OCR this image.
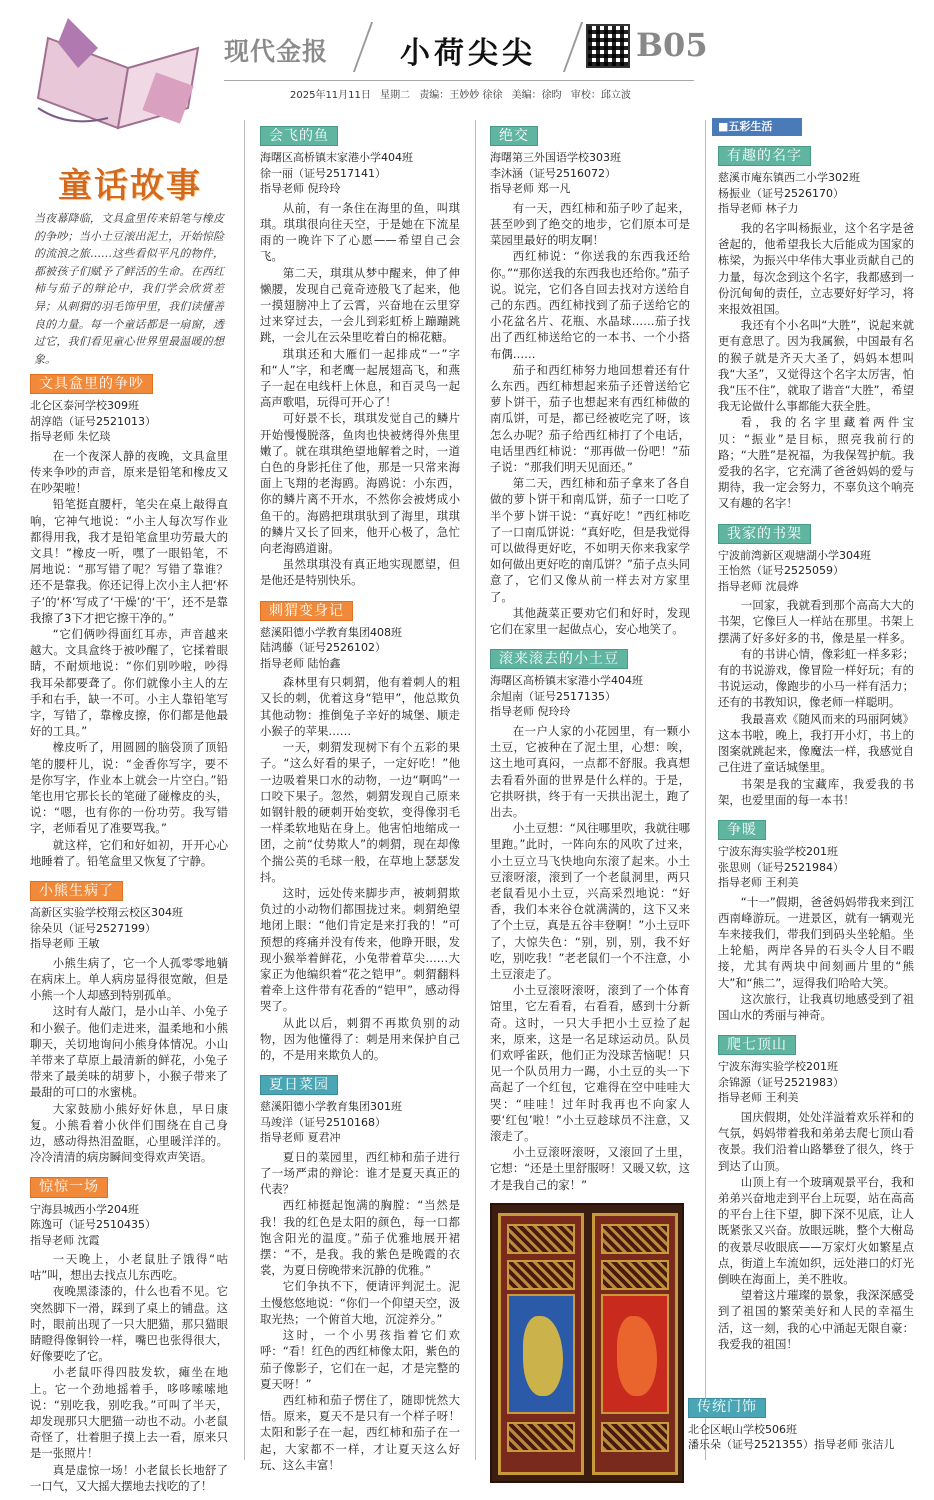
现代金报 小荷尖尖	B05
2025年11月11日 星期二 责编：王妙妙 徐徐 美编：徐昀 审校：邱立波
童话故事
当夜幕降临，文具盒里传来铅笔与橡皮的争吵；当小土豆滚出泥土，开始惊险的流浪之旅……这些看似平凡的物件，都被孩子们赋予了鲜活的生命。在西红柿与茄子的辩论中，我们学会欣赏差异；从刺猬的羽毛饰甲里，我们读懂善良的力量。每一个童话都是一扇窗，透过它，我们看见童心世界里最温暖的想象。
文具盒里的争吵
北仑区泰河学校309班
胡淳皓（证号2521013）
指导老师 朱忆琰

在一个夜深人静的夜晚，文具盒里传来争吵的声音，原来是铅笔和橡皮又在吵架啦！

铅笔挺直腰杆，笔尖在桌上敲得直响，它神气地说：“小主人每次写作业都得用我，我才是铅笔盒里功劳最大的文具！”橡皮一听，嘿了一眼铅笔，不屑地说：“那写错了呢？写错了靠谁？还不是靠我。你还记得上次小主人把‘杯子’的‘杯’写成了‘干燥’的‘干’，还不是靠我擦了3下才把它擦干净的。”

“它们俩吵得面红耳赤，声音越来越大。文具盒终于被吵醒了，它揉着眼睛，不耐烦地说：“你们别吵啦，吵得我耳朵都要聋了。你们就像小主人的左手和右手，缺一不可。小主人靠铅笔写字，写错了，靠橡皮擦，你们都是他最好的工具。”

橡皮听了，用圆圆的脑袋顶了顶铅笔的腰杆儿，说：“金香你写字，要不是你写字，作业本上就会一片空白。”铅笔也用它那长长的笔碰了碰橡皮的头，说：“嗯，也有你的一份功劳。我写错字，老师看见了准要骂我。”

就这样，它们和好如初，开开心心地睡着了。铅笔盒里又恢复了宁静。

小熊生病了
高新区实验学校翔云校区304班
徐朵贝（证号2527199）
指导老师 王敏

小熊生病了，它一个人孤零零地躺在病床上。单人病房显得很宽敞，但是小熊一个人却感到特别孤单。

这时有人敲门，是小山羊、小兔子和小猴子。他们走进来，温柔地和小熊聊天，关切地询问小熊身体情况。小山羊带来了草原上最清新的鲜花，小兔子带来了最美味的胡萝卜，小猴子带来了最甜的可口的水蜜桃。

大家鼓励小熊好好休息，早日康复。小熊看着小伙伴们围绕在自己身边，感动得热泪盈眶，心里暖洋洋的。冷冷清清的病房瞬间变得欢声笑语。

惊惊一场
宁海县城西小学204班
陈逸可（证号2510435）
指导老师 沈霞

一天晚上，小老鼠肚子饿得“咕咕”叫，想出去找点儿东西吃。

夜晚黑漆漆的，什么也看不见。它突然脚下一滑，踩到了桌上的铺盘。这时，眼前出现了一只大肥猫，那只猫眼睛瞪得像铜铃一样，嘴巴也张得很大，好像要吃了它。

小老鼠吓得四肢发软，瘫坐在地上。它一个劲地摇着手，哆哆嗦嗦地说：“别吃我，别吃我。”可叫了半天，却发现那只大肥猫一动也不动。小老鼠奇怪了，壮着胆子摸上去一看，原来只是一张照片！

真是虚惊一场！小老鼠长长地舒了一口气，又大摇大摆地去找吃的了！

会飞的鱼
海曙区高桥镇末家港小学404班
徐一丽（证号2517141）
指导老师 倪玲玲

从前，有一条住在海里的鱼，叫琪琪。琪琪很向往天空，于是她在下流星雨的一晚许下了心愿——希望自己会飞。

第二天，琪琪从梦中醒来，伸了伸懒腰，发现自己竟奇迹般飞了起来，他一摸翅膀冲上了云霄，兴奋地在云里穿过来穿过去，一会儿到彩虹桥上蹦蹦跳跳，一会儿在云朵里吃着白的棉花糖。

琪琪还和大雁们一起排成“一”字和“人”字，和老鹰一起展翅高飞，和燕子一起在电线杆上休息，和百灵鸟一起高声歌唱，玩得可开心了！

可好景不长，琪琪发觉自己的鳞片开始慢慢脱落，鱼肉也快被烤得外焦里嫩了。就在琪琪绝望地解着之时，一道白色的身影托住了他，那是一只常来海面上飞翔的老海鸥。海鸥说：小东西，你的鳞片离不开水，不然你会被烤成小鱼干的。海鸥把琪琪驮到了海里，琪琪的鳞片又长了回来，他开心极了，急忙向老海鸥道谢。

虽然琪琪没有真正地实现愿望，但是他还是特别快乐。

刺猬变身记
慈溪阳德小学教育集团408班
陆鸿藤（证号2526102）
指导老师 陆怡鑫

森林里有只刺猬，他有着刺人的粗又长的刺，优着这身“铠甲”，他总欺负其他动物：推倒兔子辛好的城堡、顺走小猴子的苹果……

一天，刺猬发现树下有个五彩的果子。“这么好看的果子，一定好吃！”他一边吸着果口水的动物，一边“啊呜”一口咬下果子。忽然，刺猬发现自己原来如钢针般的硬刺开始变软，变得像羽毛一样柔软地贴在身上。他害怕地缩成一团，之前“仗势欺人”的刺猬，现在却像个揣公英的毛球一般，在草地上瑟瑟发抖。

这时，远处传来脚步声，被刺猬欺负过的小动物们都围拢过来。刺猬绝望地闭上眼：“他们肯定是来打我的！”可预想的疼痛并没有传来，他睁开眼，发现小猴举着鲜花，小兔带着草尖……大家正为他编织着“花之铠甲”。刺猬翻料着牵上这件带有花香的“铠甲”，感动得哭了。

从此以后，刺猬不再欺负别的动物，因为他懂得了：刺是用来保护自己的，不是用来欺负人的。

夏日菜园
慈溪阳德小学教育集团301班
马竣洋（证号2510168）
指导老师 夏君冲

夏日的菜园里，西红柿和茄子进行了一场严肃的辩论：谁才是夏天真正的代表？

西红柿挺起饱满的胸膛：“当然是我！我的红色是太阳的颜色，每一口都饱含阳光的温度。”茄子优雅地展开裙摆：“不，是我。我的紫色是晚霞的衣裳，为夏日傍晚带来沉静的优雅。”

它们争执不下，便请评判泥土。泥土慢悠悠地说：“你们一个仰望天空，汲取光热；一个俯首大地，沉淀养分。”

这时，一个小男孩指着它们欢呼：“看！红色的西红柿像太阳，紫色的茄子像影子，它们在一起，才是完整的夏天呀！”

西红柿和茄子愣住了，随即恍然大悟。原来，夏天不是只有一个样子呀！太阳和影子在一起，西红柿和茄子在一起，大家都不一样，才让夏天这么好玩、这么丰富！

绝交
海曙第三外国语学校303班
李沐涵（证号2516072）
指导老师 郑一凡

有一天，西红柿和茄子吵了起来，甚至吵到了绝交的地步，它们原本可是菜园里最好的明友啊！

西红柿说：“你送我的东西我还给你。”“那你送我的东西我也还给你。”茄子说。说完，它们各自回去找对方送给自己的东西。西红柿找到了茄子送给它的小花盆名片、花瓶、水晶球……茄子找出了西红柿送给它的一本书、一个小搭布偶……

茄子和西红柿努力地回想着还有什么东西。西红柿想起来茄子还曾送给它萝卜饼干，茄子也想起来有西红柿做的南瓜饼，可是，都已经被吃完了呀，该怎么办呢？茄子给西红柿打了个电话，电话里西红柿说：“那再做一份吧！”茄子说：“那我们明天见面还。”

第二天，西红柿和茄子拿来了各自做的萝卜饼干和南瓜饼，茄子一口吃了半个萝卜饼干说：“真好吃！”西红柿吃了一口南瓜饼说：“真好吃，但是我觉得可以做得更好吃，不如明天你来我家学如何做出更好吃的南瓜饼？”茄子点头同意了，它们又像从前一样去对方家里了。

其他蔬菜正要劝它们和好时，发现它们在家里一起做点心，安心地笑了。

滚来滚去的小土豆
海曙区高桥镇末家港小学404班
余旭南（证号2517135）
指导老师 倪玲玲

在一户人家的小花园里，有一颗小土豆，它被种在了泥土里，心想：唉，这土地可真闷，一点都不舒服。我真想去看看外面的世界是什么样的。于是，它拱呀拱，终于有一天拱出泥土，跑了出去。

小土豆想：“风往哪里吹，我就往哪里跑。”此时，一阵向东的风吹了过来，小土豆立马飞快地向东滚了起来。小土豆滚呀滚，滚到了一个老鼠洞里，两只老鼠看见小土豆，兴高采烈地说：“好香，我们本来谷仓就满满的，这下又来了个土豆，真是五谷丰登啊！”小土豆吓了，大惊失色：“别，别，别，我不好吃，别吃我！”老老鼠们一个不注意，小土豆滚走了。

小土豆滚呀滚呀，滚到了一个体育馆里，它左看看，右看看，感到十分新奇。这时，一只大手把小土豆捡了起来，原来，这是一名足球运动员。队员们欢呼雀跃，他们正为没球苦恼呢！只见一个队员用力一踢，小土豆的头一下高起了一个红包，它难得在空中哇哇大哭：“哇哇！过年时我再也不向家人要‘红包’啦！”小土豆趁球员不注意，又滚走了。

小土豆滚呀滚呀，又滚回了土里，它想：“还是土里舒服呀！又暖又软，这才是我自己的家！”

■五彩生活
有趣的名字
慈溪市庵东镇西二小学302班
杨振业（证号2526170）
指导老师 林子力

我的名字叫杨振业，这个名字是爸爸起的，他希望我长大后能成为国家的栋梁，为振兴中华伟大事业贡献自己的力量，每次念到这个名字，我都感到一份沉甸甸的责任，立志要好好学习，将来报效祖国。

我还有个小名叫“大胜”，说起来就更有意思了。因为我属猴，中国最有名的猴子就是齐天大圣了，妈妈本想叫我“大圣”，又觉得这个名字太厉害，怕我“压不住”，就取了谐音“大胜”，希望我无论做什么事都能大获全胜。

看，我的名字里藏着两件宝贝：“振业”是目标，照亮我前行的路；“大胜”是祝福，为我保驾护航。我爱我的名字，它充满了爸爸妈妈的爱与期待，我一定会努力，不辜负这个响亮又有趣的名字！

我家的书架
宁波前湾新区观塘湖小学304班
王怡然（证号2525059）
指导老师 沈晨烨

一回家，我就看到那个高高大大的书架，它像巨人一样站在那里。书架上摆满了好多好多的书，像是星一样多。

有的书讲心情，像彩虹一样多彩；有的书说游戏，像冒险一样好玩；有的书说运动，像跑步的小马一样有活力；还有的书教知识，像老师一样聪明。

我最喜欢《随风而来的玛丽阿姨》这本书啦，晚上，我打开小灯，书上的图案就跳起来，像魔法一样，我感觉自己住进了童话城堡里。

书架是我的宝藏库，我爱我的书架，也爱里面的每一本书！

争暖
宁波东海实验学校201班
张思则（证号2521984）
指导老师 王利美

“十一”假期，爸爸妈妈带我来到江西南峰游玩。一进景区，就有一辆观光车来接我们，带我们到码头坐轮船。坐上轮船，两岸各异的石头令人目不暇接，尤其有两块中间刻画片里的“熊大”和“熊二”，逗得我们哈哈大笑。

这次旅行，让我真切地感受到了祖国山水的秀丽与神奇。

爬七顶山
宁波东海实验学校201班
余锦源（证号2521983）
指导老师 王利美

国庆假期，处处洋溢着欢乐祥和的气氛，妈妈带着我和弟弟去爬七顶山看夜景。我们沿着山路攀登了很久，终于到达了山顶。

山顶上有一个玻璃观景平台，我和弟弟兴奋地走到平台上玩耍，站在高高的平台上往下望，脚下深不见底，让人既紧张又兴奋。放眼远眺，整个大榭岛的夜景尽收眼底——万家灯火如繁星点点，街道上车流如织，远处港口的灯光倒映在海面上，美不胜收。

望着这片璀璨的景象，我深深感受到了祖国的繁荣美好和人民的幸福生活，这一刻，我的心中涌起无限自豪：我爱我的祖国！

传统门饰
北仑区岷山学校506班
潘乐朵（证号2521355）指导老师 张洁儿
